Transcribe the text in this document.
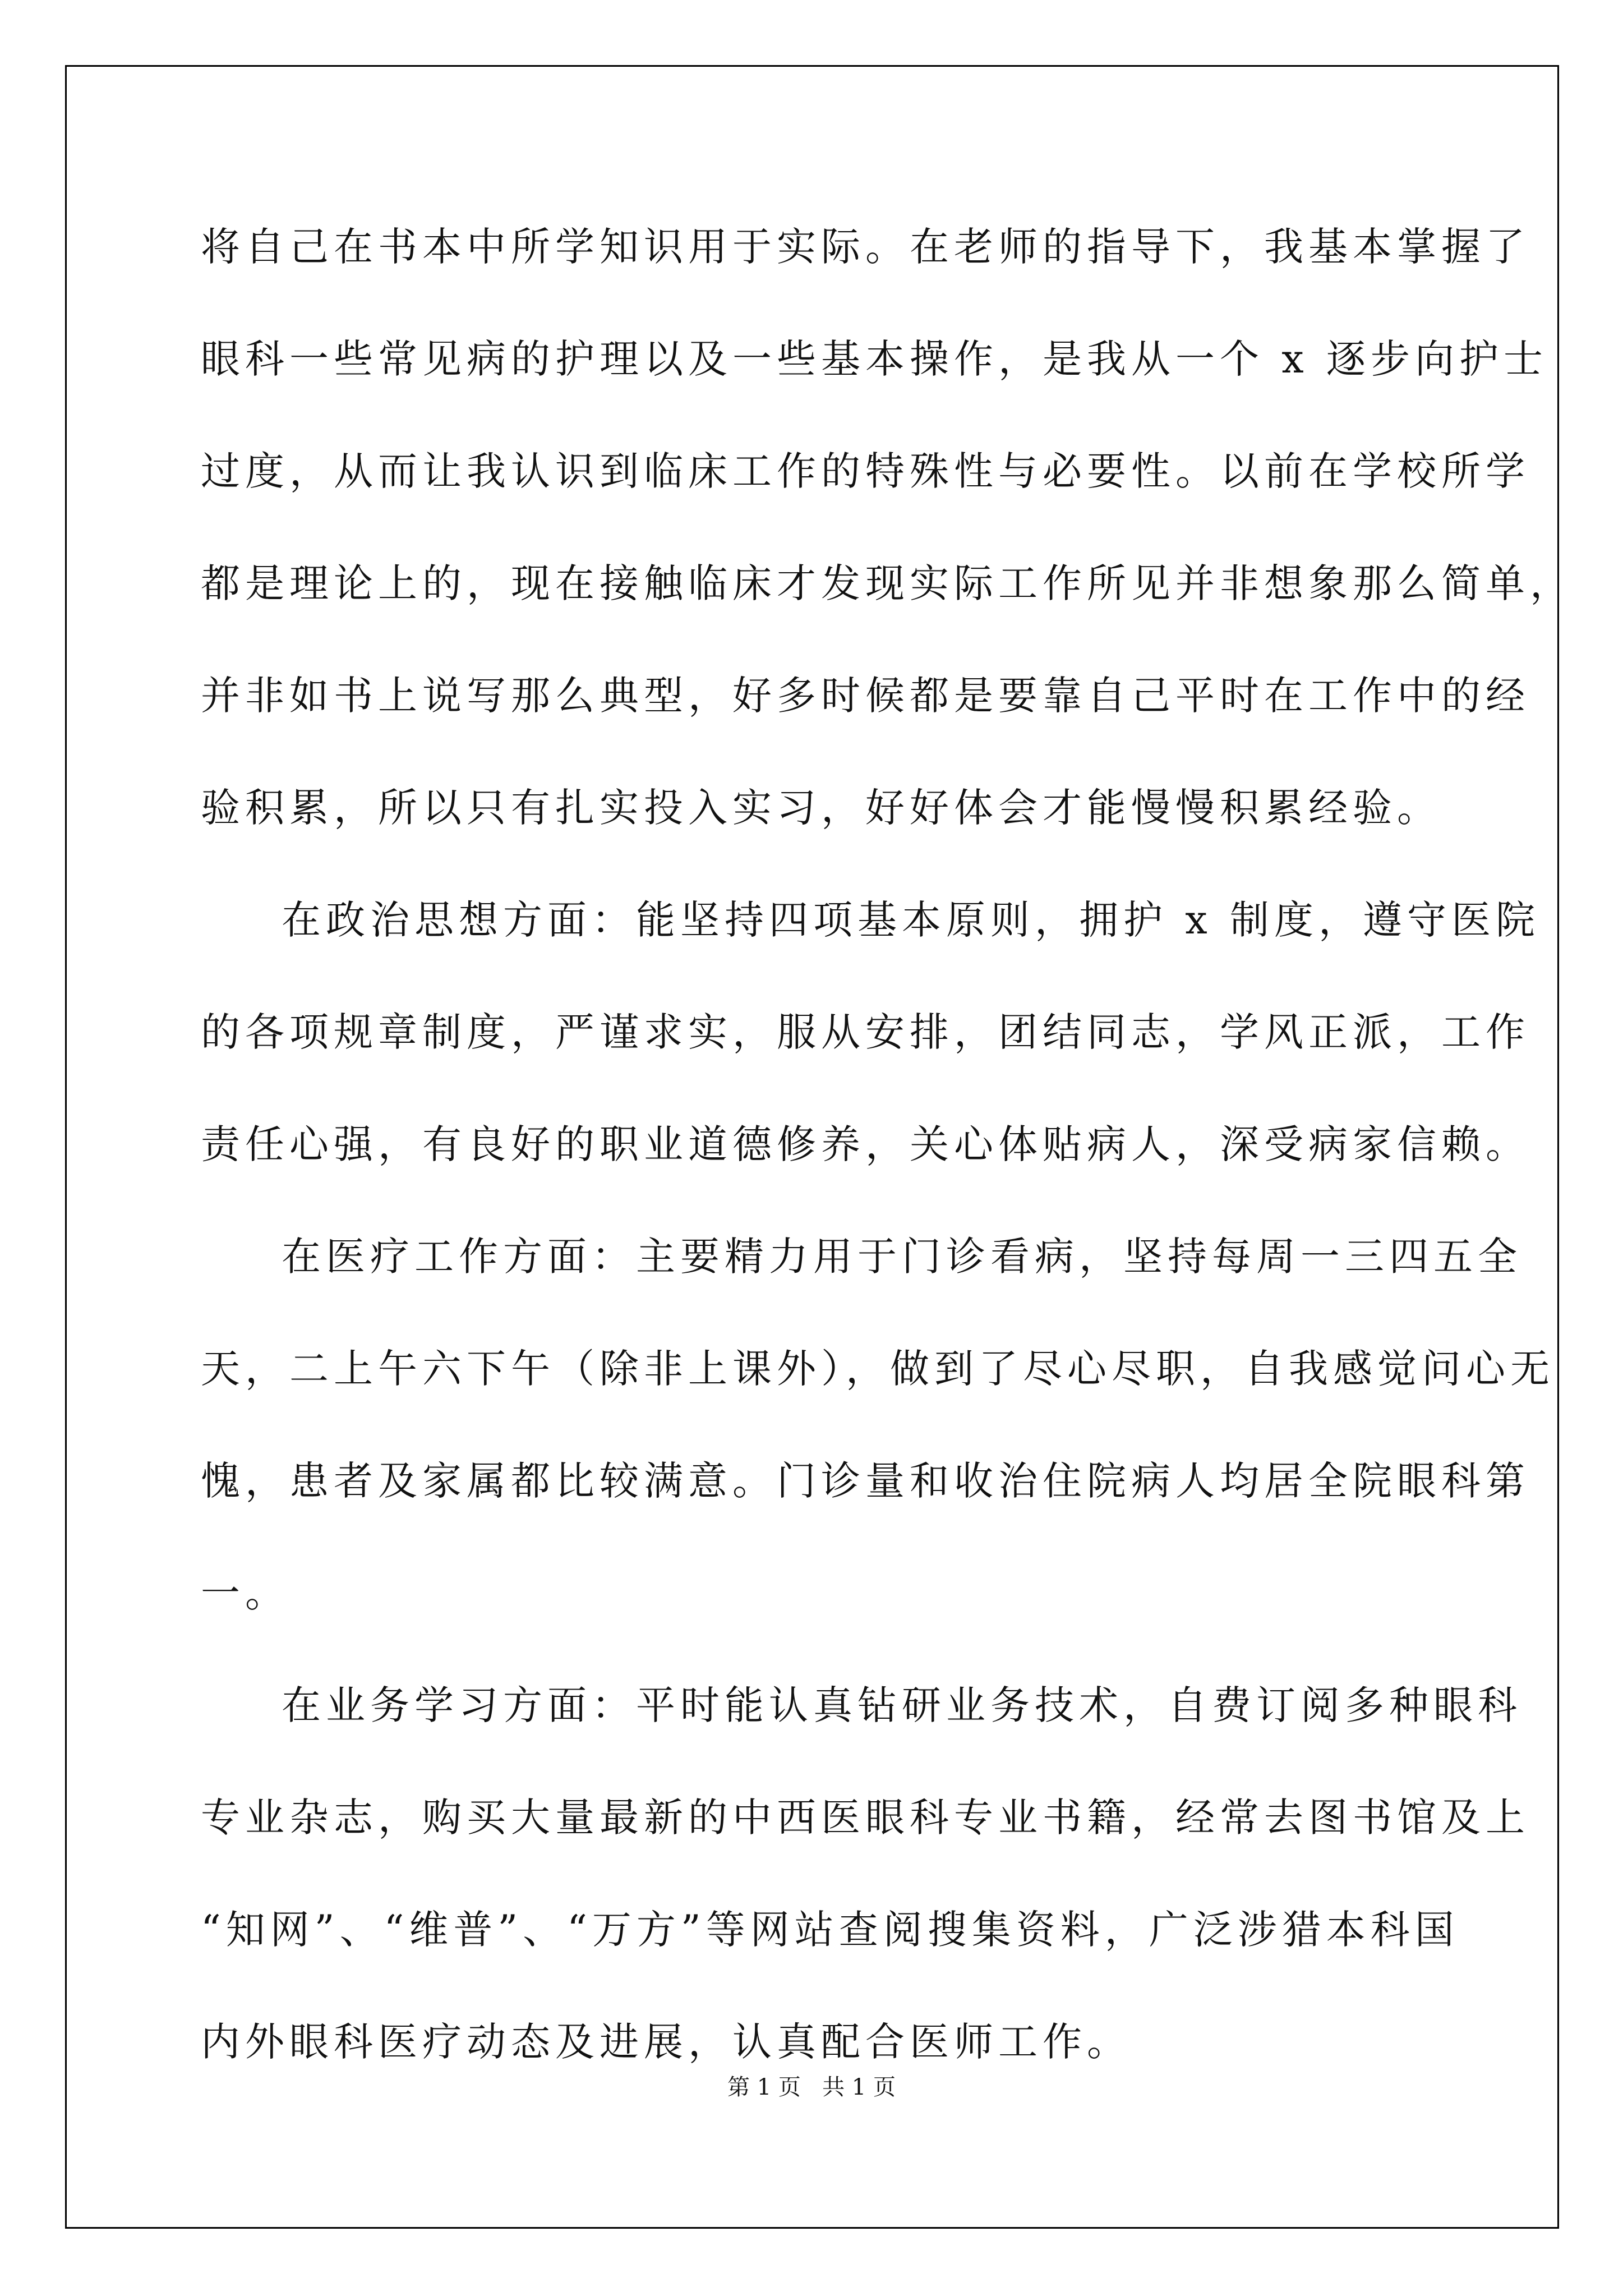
将自己在书本中所学知识用于实际。在老师的指导下，我基本掌握了
眼科一些常见病的护理以及一些基本操作，是我从一个 x 逐步向护士
过度，从而让我认识到临床工作的特殊性与必要性。以前在学校所学
都是理论上的，现在接触临床才发现实际工作所见并非想象那么简单，
并非如书上说写那么典型，好多时候都是要靠自己平时在工作中的经
验积累，所以只有扎实投入实习，好好体会才能慢慢积累经验。
在政治思想方面：能坚持四项基本原则，拥护 x 制度，遵守医院
的各项规章制度，严谨求实，服从安排，团结同志，学风正派，工作
责任心强，有良好的职业道德修养，关心体贴病人，深受病家信赖。
在医疗工作方面：主要精力用于门诊看病，坚持每周一三四五全
天，二上午六下午（除非上课外），做到了尽心尽职，自我感觉问心无
愧，患者及家属都比较满意。门诊量和收治住院病人均居全院眼科第
一。
在业务学习方面：平时能认真钻研业务技术，自费订阅多种眼科
专业杂志，购买大量最新的中西医眼科专业书籍，经常去图书馆及上
“知网”、“维普”、“万方”等网站查阅搜集资料，广泛涉猎本科国
内外眼科医疗动态及进展，认真配合医师工作。
第 1 页   共 1 页
